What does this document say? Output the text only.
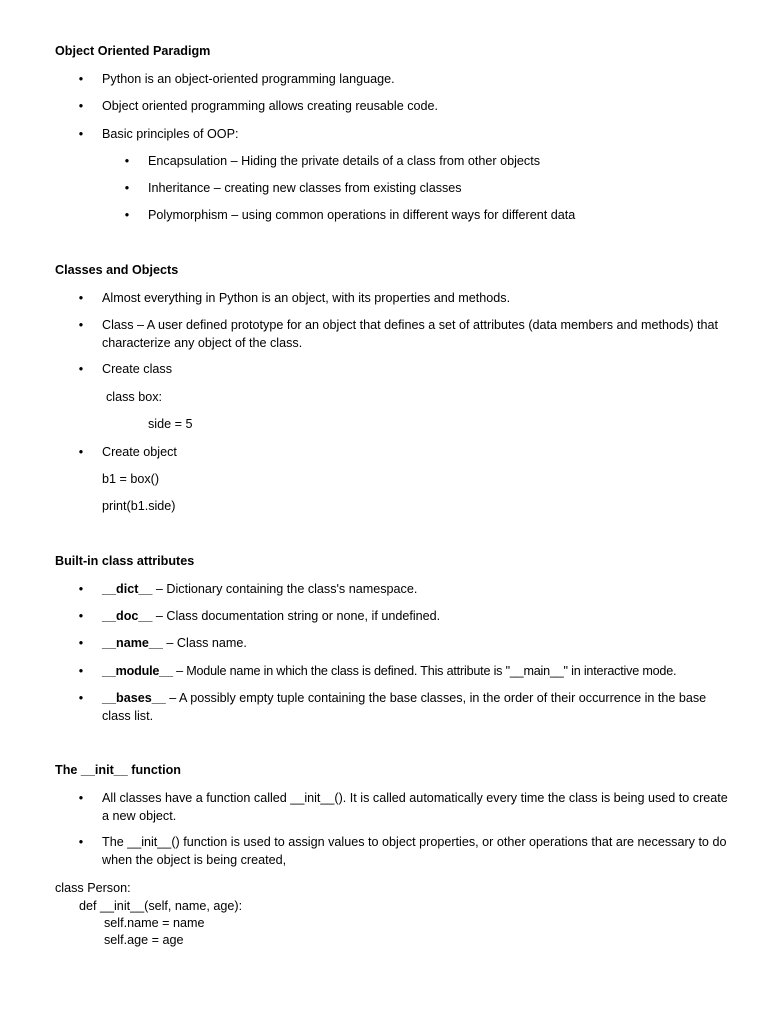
Object Oriented Paradigm
• Python is an object-oriented programming language.
• Object oriented programming allows creating reusable code.
• Basic principles of OOP:
• Encapsulation – Hiding the private details of a class from other objects
• Inheritance – creating new classes from existing classes
• Polymorphism – using common operations in different ways for different data
Classes and Objects
• Almost everything in Python is an object, with its properties and methods.
• Class – A user defined prototype for an object that defines a set of attributes (data members and methods) that characterize any object of the class.
• Create class
class box:
side = 5
• Create object
b1 = box()
print(b1.side)
Built-in class attributes
• __dict__ – Dictionary containing the class's namespace.
• __doc__ – Class documentation string or none, if undefined.
• __name__ – Class name.
• __module__ – Module name in which the class is defined. This attribute is "__main__" in interactive mode.
• __bases__ – A possibly empty tuple containing the base classes, in the order of their occurrence in the base class list.
The __init__ function
• All classes have a function called __init__(). It is called automatically every time the class is being used to create a new object.
• The __init__() function is used to assign values to object properties, or other operations that are necessary to do when the object is being created,
class Person:
def __init__(self, name, age):
self.name = name
self.age = age
